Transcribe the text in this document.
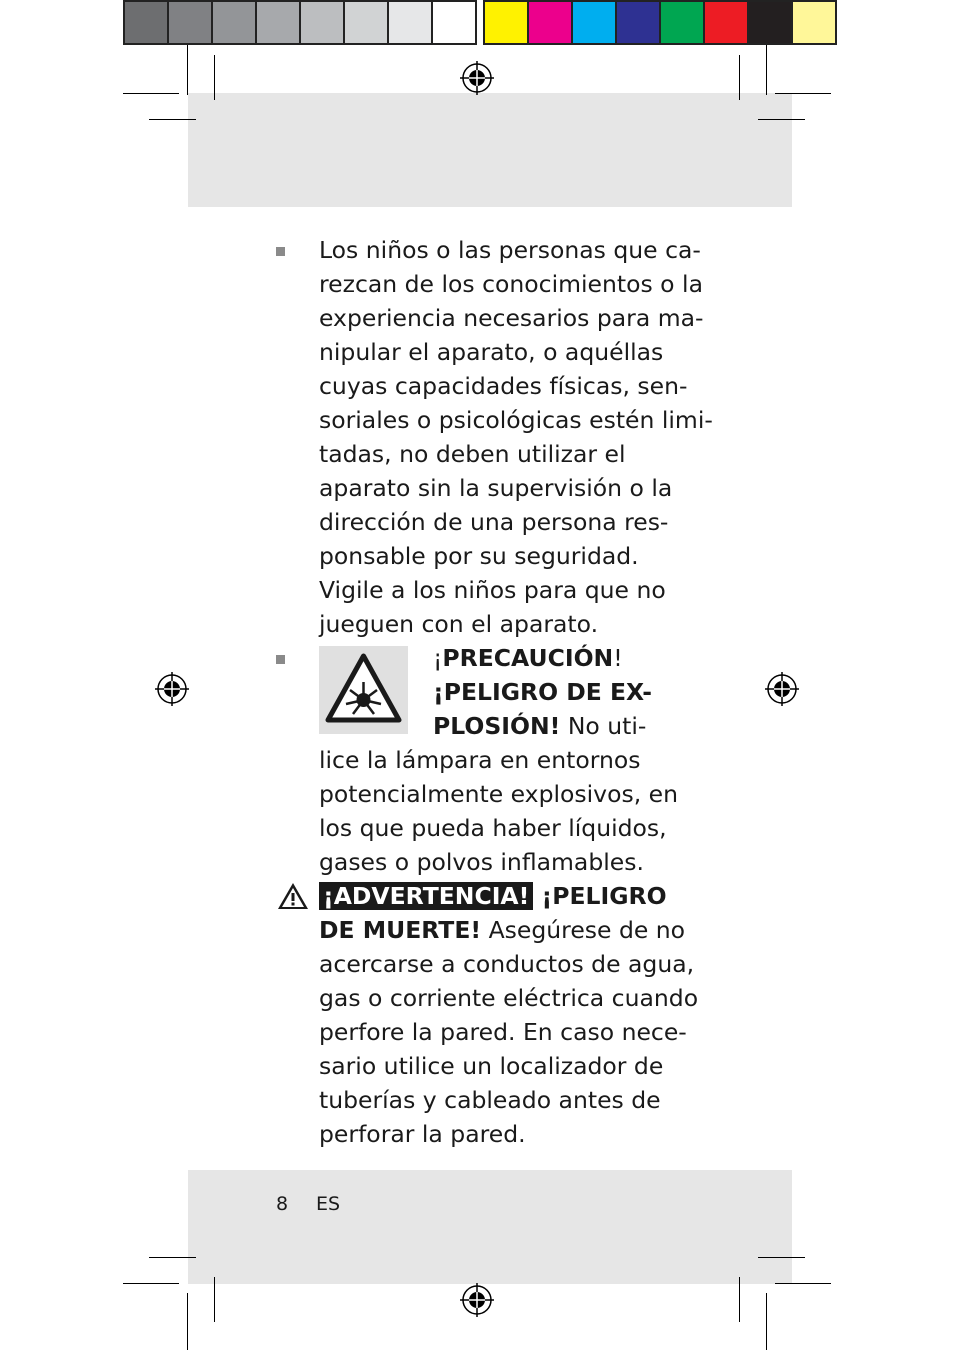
Los niños o las personas que ca-
rezcan de los conocimientos o la
experiencia necesarios para ma-
nipular el aparato, o aquéllas
cuyas capacidades físicas, sen-
soriales o psicológicas estén limi-
tadas, no deben utilizar el
aparato sin la supervisión o la
dirección de una persona res-
ponsable por su seguridad.
Vigile a los niños para que no
jueguen con el aparato.
¡PRECAUCIÓN!
¡PELIGRO DE EX-
PLOSIÓN! No uti-
lice la lámpara en entornos
potencialmente explosivos, en
los que pueda haber líquidos,
gases o polvos inflamables.
¡ADVERTENCIA! ¡PELIGRO
DE MUERTE! Asegúrese de no
acercarse a conductos de agua,
gas o corriente eléctrica cuando
perfore la pared. En caso nece-
sario utilice un localizador de
tuberías y cableado antes de
perforar la pared.
8 ES
